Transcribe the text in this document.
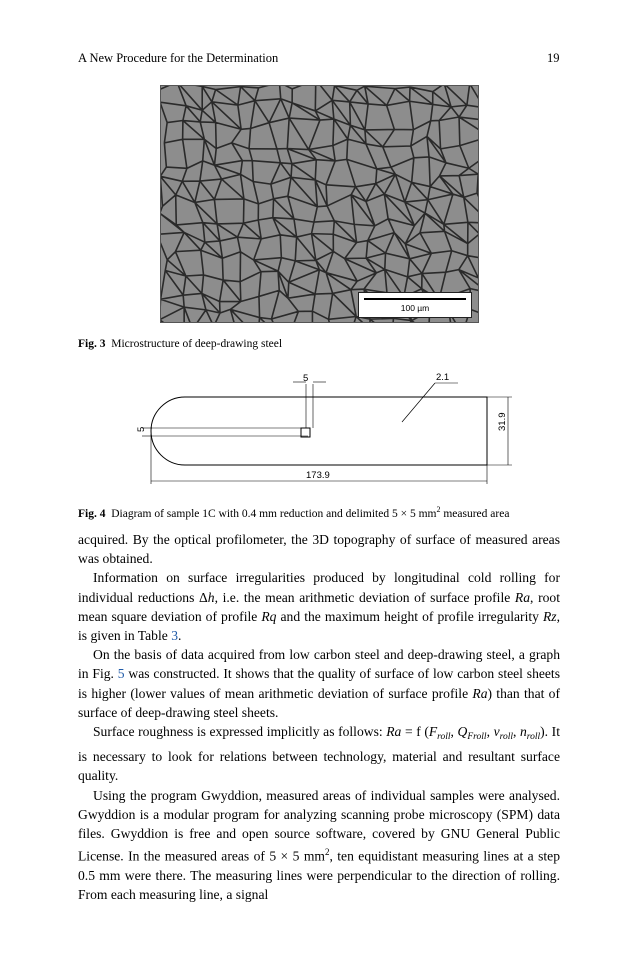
A New Procedure for the Determination	19
100 µm
Fig. 3 Microstructure of deep-drawing steel
5
5
2.1
31.9
173.9
Fig. 4 Diagram of sample 1C with 0.4 mm reduction and delimited 5 × 5 $mm^2$ measured area

acquired. By the optical profilometer, the 3D topography of surface of measured areas was obtained.

Information on surface irregularities produced by longitudinal cold rolling for individual reductions Δh, i.e. the mean arithmetic deviation of surface profile Ra, root mean square deviation of profile Rq and the maximum height of profile irregularity Rz, is given in Table 3.

On the basis of data acquired from low carbon steel and deep-drawing steel, a graph in Fig. 5 was constructed. It shows that the quality of surface of low carbon steel sheets is higher (lower values of mean arithmetic deviation of surface profile Ra) than that of surface of deep-drawing steel sheets.

Surface roughness is expressed implicitly as follows: Ra = f ($F_{roll}$, $Q_{Froll}$, $v_{roll}$, $n_{roll}$). It is necessary to look for relations between technology, material and resultant surface quality.

Using the program Gwyddion, measured areas of individual samples were analysed. Gwyddion is a modular program for analyzing scanning probe microscopy (SPM) data files. Gwyddion is free and open source software, covered by GNU General Public License. In the measured areas of 5 × 5 $mm^2$, ten equidistant measuring lines at a step 0.5 mm were there. The measuring lines were perpendicular to the direction of rolling. From each measuring line, a signal
